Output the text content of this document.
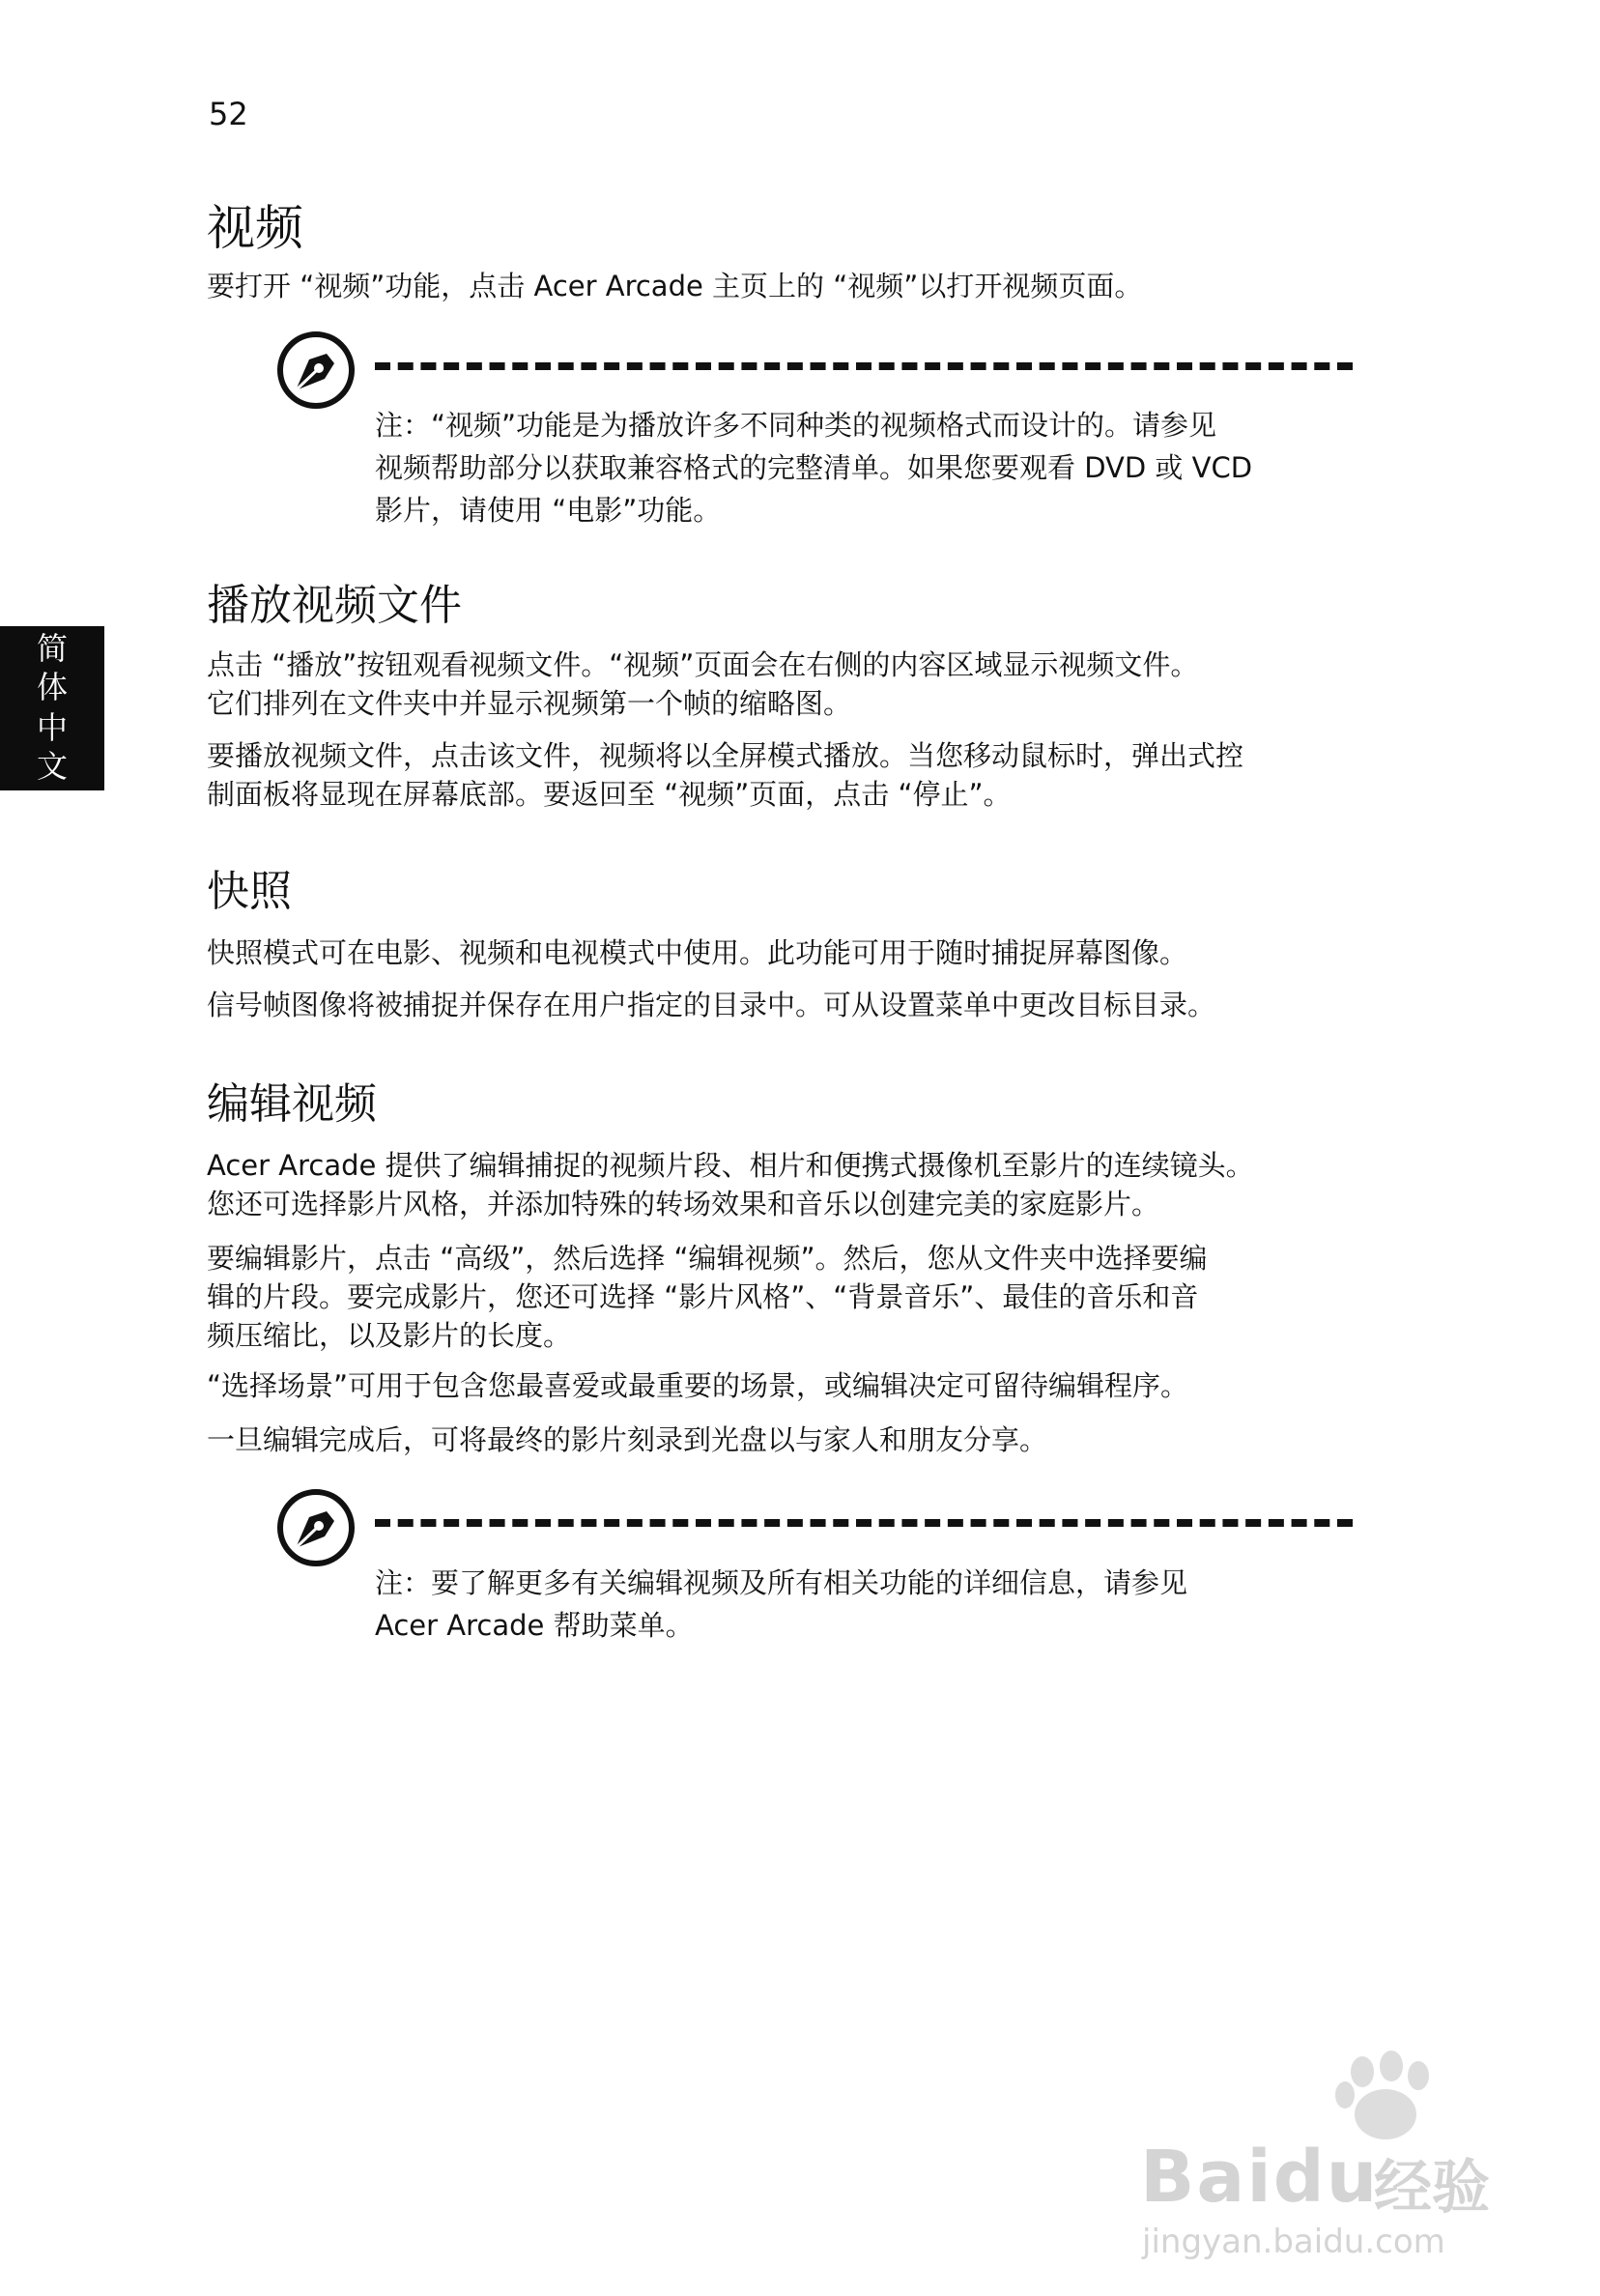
52
简
体
中
文
视频

要打开 “视频”功能，点击 Acer Arcade 主页上的 “视频”以打开视频页面。

注：“视频”功能是为播放许多不同种类的视频格式而设计的。请参见

视频帮助部分以获取兼容格式的完整清单。如果您要观看 DVD 或 VCD

影片，请使用 “电影”功能。

播放视频文件

点击 “播放”按钮观看视频文件。“视频”页面会在右侧的内容区域显示视频文件。

它们排列在文件夹中并显示视频第一个帧的缩略图。

要播放视频文件，点击该文件，视频将以全屏模式播放。当您移动鼠标时，弹出式控

制面板将显现在屏幕底部。要返回至 “视频”页面，点击 “停止”。

快照

快照模式可在电影、视频和电视模式中使用。此功能可用于随时捕捉屏幕图像。

信号帧图像将被捕捉并保存在用户指定的目录中。可从设置菜单中更改目标目录。

编辑视频

Acer Arcade 提供了编辑捕捉的视频片段、相片和便携式摄像机至影片的连续镜头。

您还可选择影片风格，并添加特殊的转场效果和音乐以创建完美的家庭影片。

要编辑影片，点击 “高级”，然后选择 “编辑视频”。然后，您从文件夹中选择要编

辑的片段。要完成影片，您还可选择 “影片风格”、“背景音乐”、最佳的音乐和音

频压缩比，以及影片的长度。

“选择场景”可用于包含您最喜爱或最重要的场景，或编辑决定可留待编辑程序。

一旦编辑完成后，可将最终的影片刻录到光盘以与家人和朋友分享。

注：要了解更多有关编辑视频及所有相关功能的详细信息，请参见

Acer Arcade 帮助菜单。

Baidu
经验
jingyan.baidu.com
